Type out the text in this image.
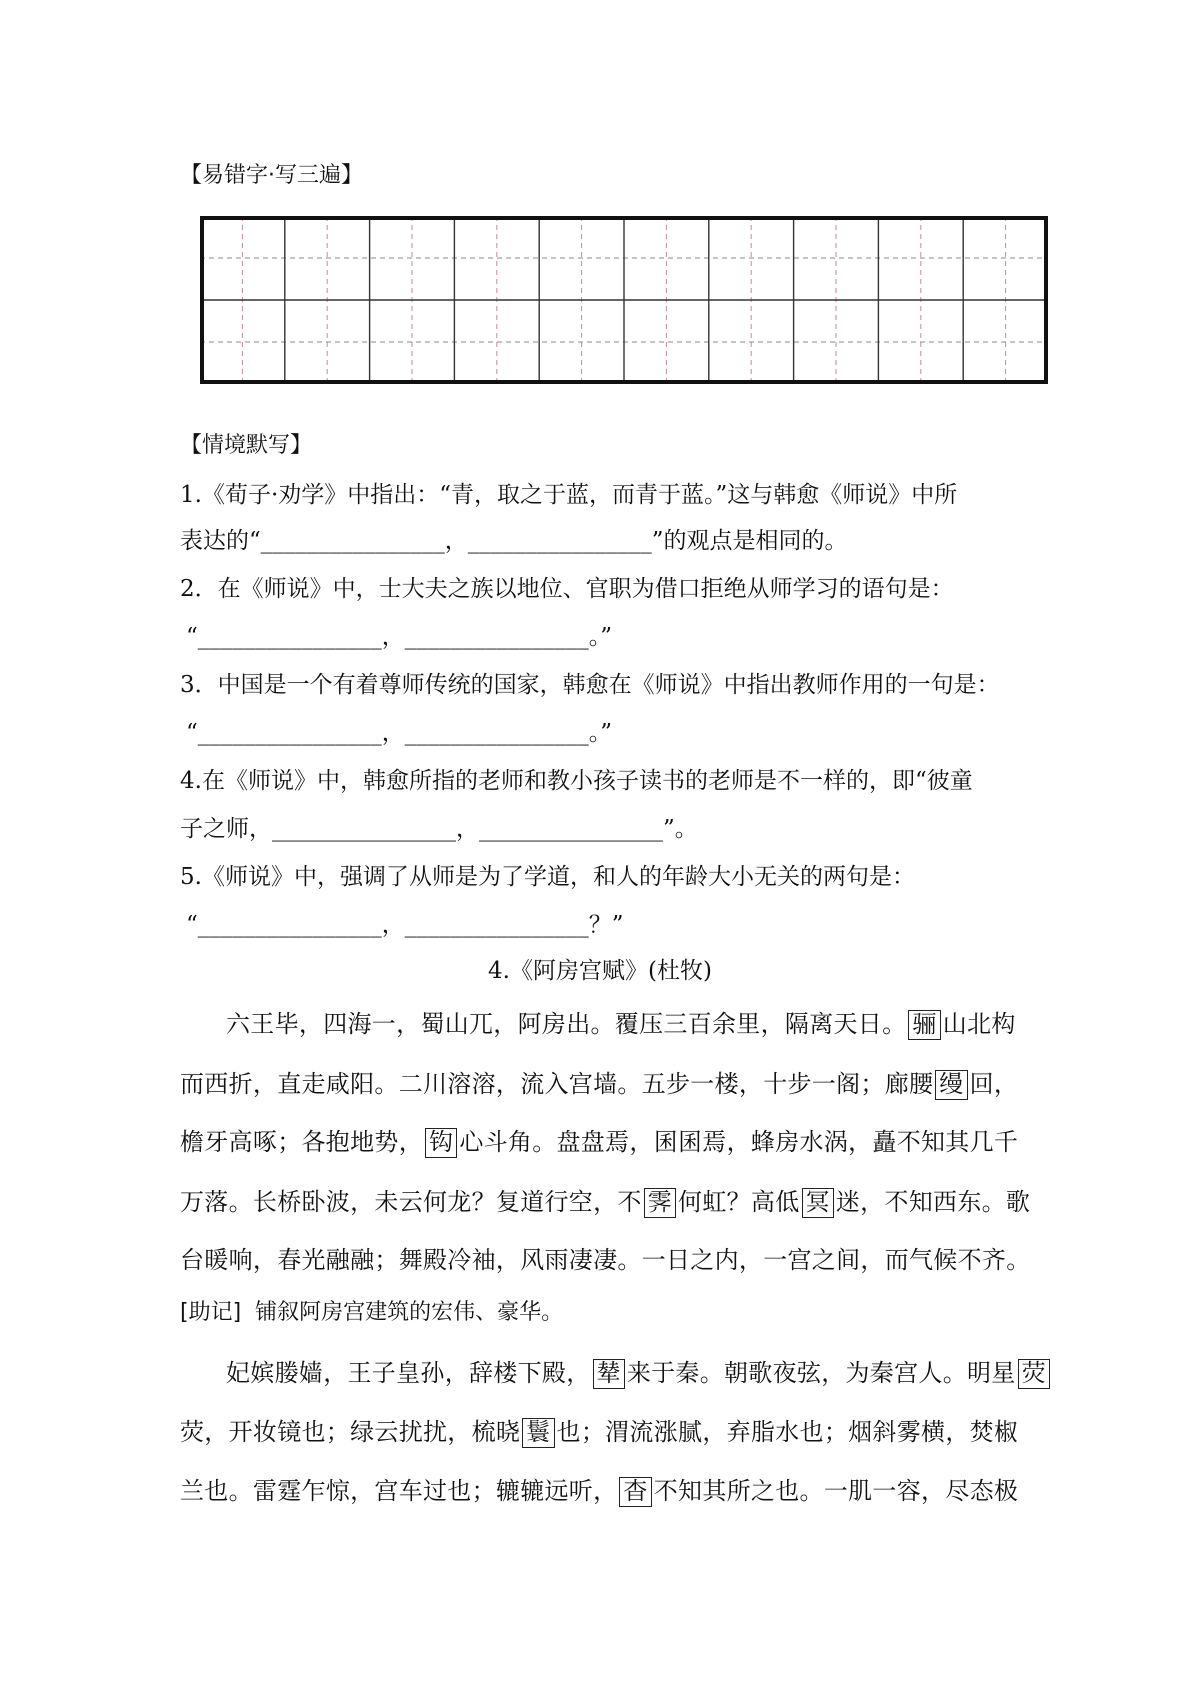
【易错字·写三遍】
【情境默写】
1.《荀子·劝学》中指出：“青，取之于蓝，而青于蓝。”这与韩愈《师说》中所
表达的“________________，________________”的观点是相同的。
2．在《师说》中，士大夫之族以地位、官职为借口拒绝从师学习的语句是：
“________________，________________。”
3．中国是一个有着尊师传统的国家，韩愈在《师说》中指出教师作用的一句是：
“________________，________________。”
4.在《师说》中，韩愈所指的老师和教小孩子读书的老师是不一样的，即“彼童
子之师，________________，________________”。
5.《师说》中，强调了从师是为了学道，和人的年龄大小无关的两句是：
“________________，________________？”
4.《阿房宫赋》(杜牧)
六王毕，四海一，蜀山兀，阿房出。覆压三百余里，隔离天日。 骊 山北构
而西折，直走咸阳。二川溶溶，流入宫墙。五步一楼，十步一阁；廊腰 缦 回，
檐牙高啄；各抱地势， 钩 心斗角。盘盘焉，囷囷焉，蜂房水涡，矗不知其几千
万落。长桥卧波，未云何龙？复道行空，不 霁 何虹？高低 冥 迷，不知西东。歌
台暖响，春光融融；舞殿冷袖，风雨凄凄。一日之内，一宫之间，而气候不齐。
[助记] 铺叙阿房宫建筑的宏伟、豪华。
妃嫔媵嫱，王子皇孙，辞楼下殿， 辇 来于秦。朝歌夜弦，为秦宫人。明星 荧
荧，开妆镜也；绿云扰扰，梳晓 鬟 也；渭流涨腻，弃脂水也；烟斜雾横，焚椒
兰也。雷霆乍惊，宫车过也；辘辘远听， 杳 不知其所之也。一肌一容，尽态极
